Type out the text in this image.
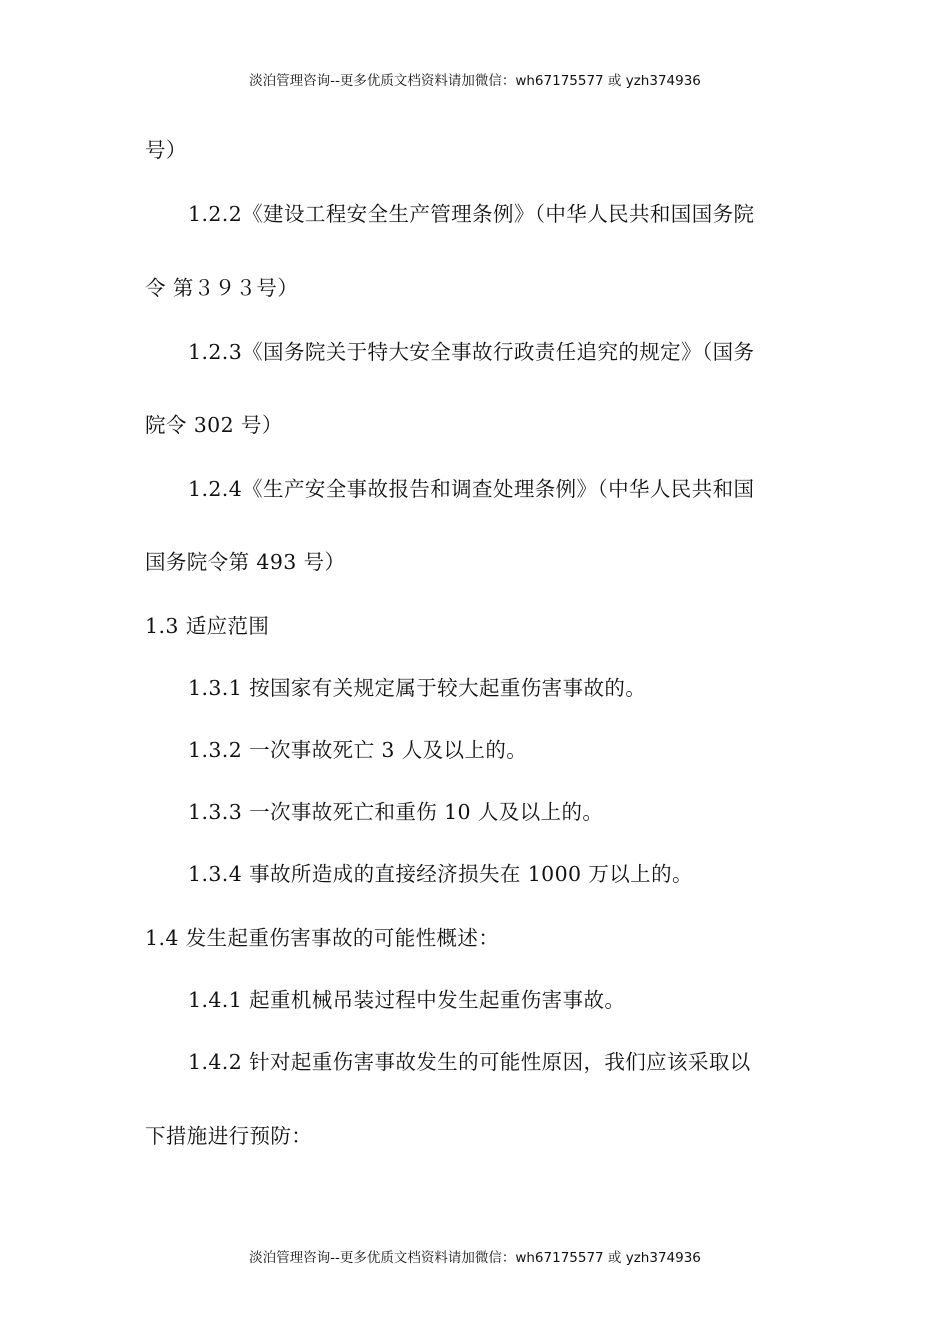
淡泊管理咨询--更多优质文档资料请加微信：wh67175577 或 yzh374936
号）
1.2.2《建设工程安全生产管理条例》（中华人民共和国国务院
令 第３９３号）
1.2.3《国务院关于特大安全事故行政责任追究的规定》（国务
院令 302 号）
1.2.4《生产安全事故报告和调查处理条例》（中华人民共和国
国务院令第 493 号）
1.3 适应范围
1.3.1 按国家有关规定属于较大起重伤害事故的。
1.3.2 一次事故死亡 3 人及以上的。
1.3.3 一次事故死亡和重伤 10 人及以上的。
1.3.4 事故所造成的直接经济损失在 1000 万以上的。
1.4 发生起重伤害事故的可能性概述：
1.4.1 起重机械吊装过程中发生起重伤害事故。
1.4.2 针对起重伤害事故发生的可能性原因，我们应该采取以
下措施进行预防：
淡泊管理咨询--更多优质文档资料请加微信：wh67175577 或 yzh374936
